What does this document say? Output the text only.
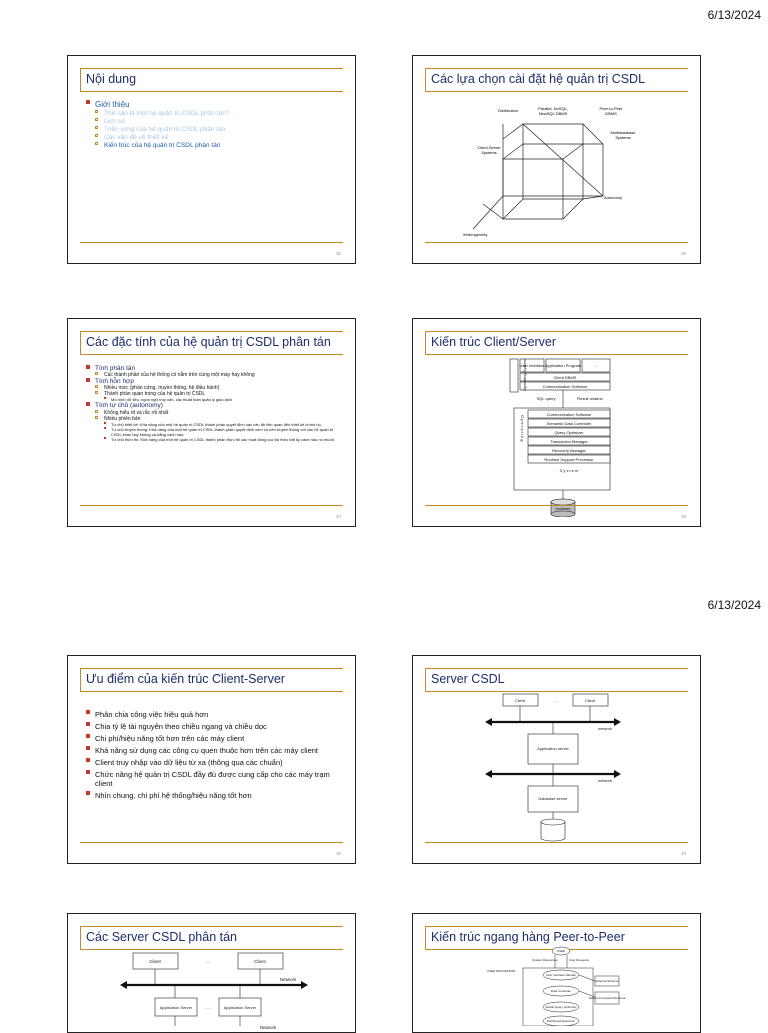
6/13/2024
Nội dung
Giới thiệu
Thế nào là một hệ quản trị CSDL phân tán?
Lịch sử
Triển vọng của hệ quản trị CSDL phân tán
Các vấn đề về thiết kế
Kiến trúc của hệ quản trị CSDL phân tán
35
Các lựa chọn cài đặt hệ quản trị CSDL
Distribution	Parallel, NoSQL,
NewSQL DBMS
Peer-to-Peer
DBMS
Multidatabase
Systems
Client-Server
Systems
Autonomy
Heterogeneity
36
Các đặc tính của hệ quản trị CSDL phân tán
Tính phân tán
Các thành phần của hệ thống có nằm trên cùng một máy hay không
Tính hỗn hợp
Nhiều mức (phần cứng, truyền thông, hệ điều hành)
Thành phần quan trọng của hệ quản trị CSDL
Mô hình dữ liệu, ngôn ngữ truy vấn, các thuật toán quản lý giao dịch
Tính tự chủ (autonomy)
Không hiểu rõ và rắc rối nhất
Nhiều phiên bản
Tự chủ thiết kế: Khả năng của một hệ quản trị CSDL thành phần quyết định các vấn đề liên quan đến thiết kế chính nó.
Tự chủ truyền thông: Khả năng của một hệ quản trị CSDL thành phần quyết định xem có nên truyền thông với các hệ quản trị CSDL khác hay không và bằng cách nào.
Tự chủ thực thi: Khả năng của một hệ quản trị CSDL thành phần thực thi các hoạt động cục bộ theo bất kỳ cách nào nó muốn.
37
Kiến trúc Client/Server
Operating System
User Interface Application Program	...
Client DBMS
Communication Software
SQL query	Result relation
Communication Software
Semantic Data Controller
Query Optimizer
Transaction Manager
Recovery Manager
Runtime Support Processor
S y s t e m
O p e r a t i n g
Database
38
6/13/2024
Ưu điểm của kiến trúc Client-Server
Phân chia công việc hiệu quả hơn
Chia tỷ lệ tài nguyên theo chiều ngang và chiều dọc
Chi phí/hiệu năng tốt hơn trên các máy client
Khả năng sử dụng các công cụ quen thuộc hơn trên các máy client
Client truy nhập vào dữ liệu từ xa (thông qua các chuẩn)
Chức năng hệ quản trị CSDL đầy đủ được cung cấp cho các máy trạm client
Nhìn chung, chi phí hệ thống/hiệu năng tốt hơn
39
Server CSDL
Client	...	Client
network
Application server
network
Database server
40
Các Server CSDL phân tán
Client	...	Client
Network
Application Server	...	Application Server
Network
Kiến trúc ngang hàng Peer-to-Peer
USER
System Responses	User Requests
USER PROCESSOR
User Interface Handler
External Schema
Data Controller
Global Conceptual Schema
Global Query Optimizer
Distributed Execution
